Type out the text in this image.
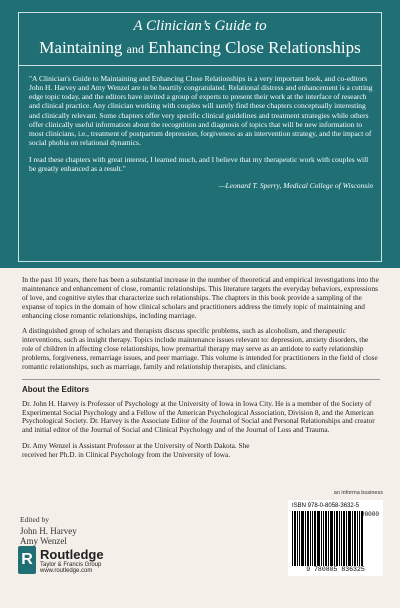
A Clinician’s Guide to
Maintaining and Enhancing Close Relationships

"A Clinician's Guide to Maintaining and Enhancing Close Relationships is a very important book, and co-editors John H. Harvey and Amy Wenzel are to be heartily congratulated. Relational distress and enhancement is a cutting edge topic today, and the editors have invited a group of experts to present their work at the interface of research and clinical practice. Any clinician working with couples will surely find these chapters conceptually interesting and clinically relevant. Some chapters offer very specific clinical guidelines and treatment strategies while others offer clinically useful information about the recognition and diagnosis of topics that will be new information to most clinicians, i.e., treatment of postpartum depression, forgiveness as an intervention strategy, and the impact of social phobia on relational dynamics.

I read these chapters with great interest, I learned much, and I believe that my therapeutic work with couples will be greatly enhanced as a result."

—Leonard T. Sperry, Medical College of Wisconsin

In the past 10 years, there has been a substantial increase in the number of theoretical and empirical investigations into the maintenance and enhancement of close, romantic relationships. This literature targets the everyday behaviors, expressions of love, and cognitive styles that characterize such relationships. The chapters in this book provide a sampling of the expanse of topics in the domain of how clinical scholars and practitioners address the timely topic of maintaining and enhancing close romantic relationships, including marriage.

A distinguished group of scholars and therapists discuss specific problems, such as alcoholism, and therapeutic interventions, such as insight therapy. Topics include maintenance issues relevant to: depression, anxiety disorders, the role of children in affecting close relationships, how premarital therapy may serve as an antidote to early relationship problems, forgiveness, remarriage issues, and peer marriage. This volume is intended for practitioners in the field of close romantic relationships, such as marriage, family and relationship therapists, and clinicians.

About the Editors

Dr. John H. Harvey is Professor of Psychology at the University of Iowa in Iowa City. He is a member of the Society of Experimental Social Psychology and a Fellow of the American Psychological Association, Division 8, and the American Psychological Society. Dr. Harvey is the Associate Editor of the Journal of Social and Personal Relationships and creator and initial editor of the Journal of Social and Clinical Psychology and of the Journal of Loss and Trauma.

Dr. Amy Wenzel is Assistant Professor at the University of North Dakota. She received her Ph.D. in Clinical Psychology from the University of Iowa.

Edited by
John H. Harvey
Amy Wenzel
R Routledge
Taylor & Francis Group
www.routledge.com
an informa business
ISBN 978-0-8058-3632-5
90000
9 780805 836325
